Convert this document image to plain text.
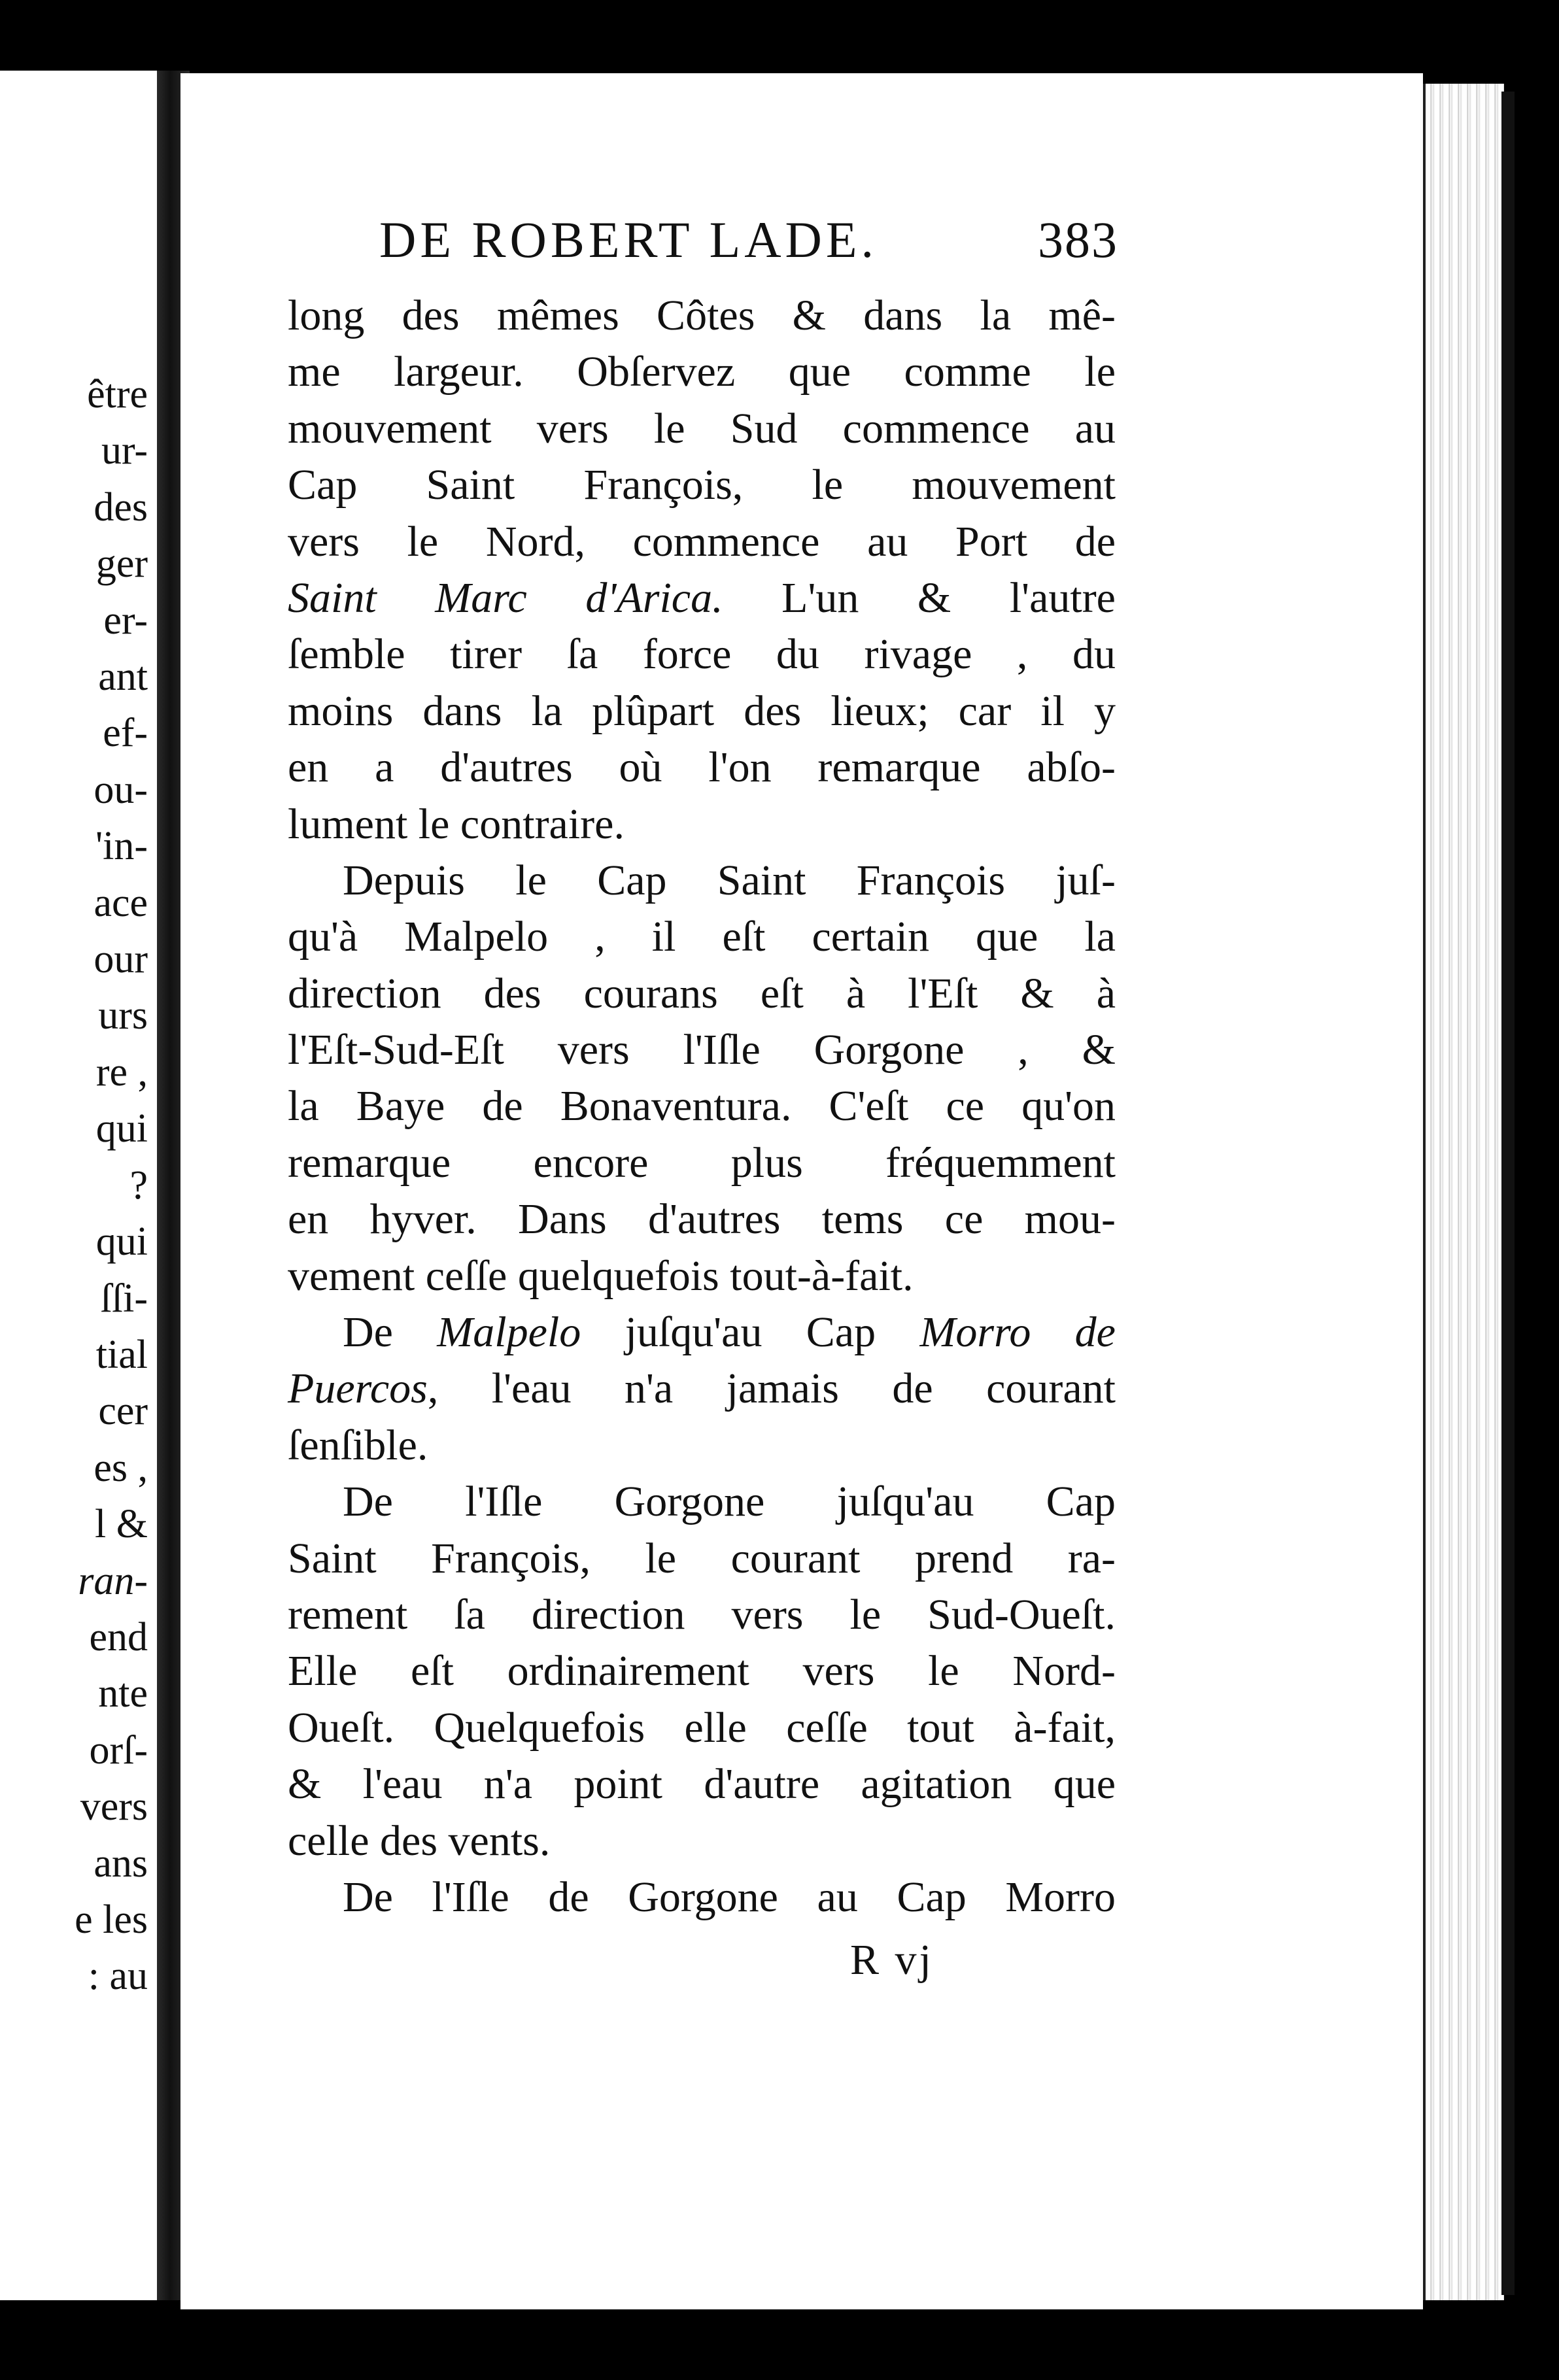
être
ur-
des
ger
er-
ant
ef-
ou-
'in-
ace
our
urs
re ,
qui
?
qui
ſſi-
tial
cer
es ,
l &
ran-
end
nte
orſ-
vers
ans
e les
: au
DE ROBERT LADE.	383
long des mêmes Côtes & dans la mê-
me largeur. Obſervez que comme le
mouvement vers le Sud commence au
Cap Saint François, le mouvement
vers le Nord, commence au Port de
Saint Marc d'Arica. L'un & l'autre
ſemble tirer ſa force du rivage , du
moins dans la plûpart des lieux; car il y
en a d'autres où l'on remarque abſo-
lument le contraire.
Depuis le Cap Saint François juſ-
qu'à Malpelo , il eſt certain que la
direction des courans eſt à l'Eſt & à
l'Eſt-Sud-Eſt vers l'Iſle Gorgone , &
la Baye de Bonaventura. C'eſt ce qu'on
remarque encore plus fréquemment
en hyver. Dans d'autres tems ce mou-
vement ceſſe quelquefois tout-à-fait.
De Malpelo juſqu'au Cap Morro de
Puercos, l'eau n'a jamais de courant
ſenſible.
De l'Iſle Gorgone juſqu'au Cap
Saint François, le courant prend ra-
rement ſa direction vers le Sud-Oueſt.
Elle eſt ordinairement vers le Nord-
Oueſt. Quelquefois elle ceſſe tout à-fait,
& l'eau n'a point d'autre agitation que
celle des vents.
De l'Iſle de Gorgone au Cap Morro
R vj
